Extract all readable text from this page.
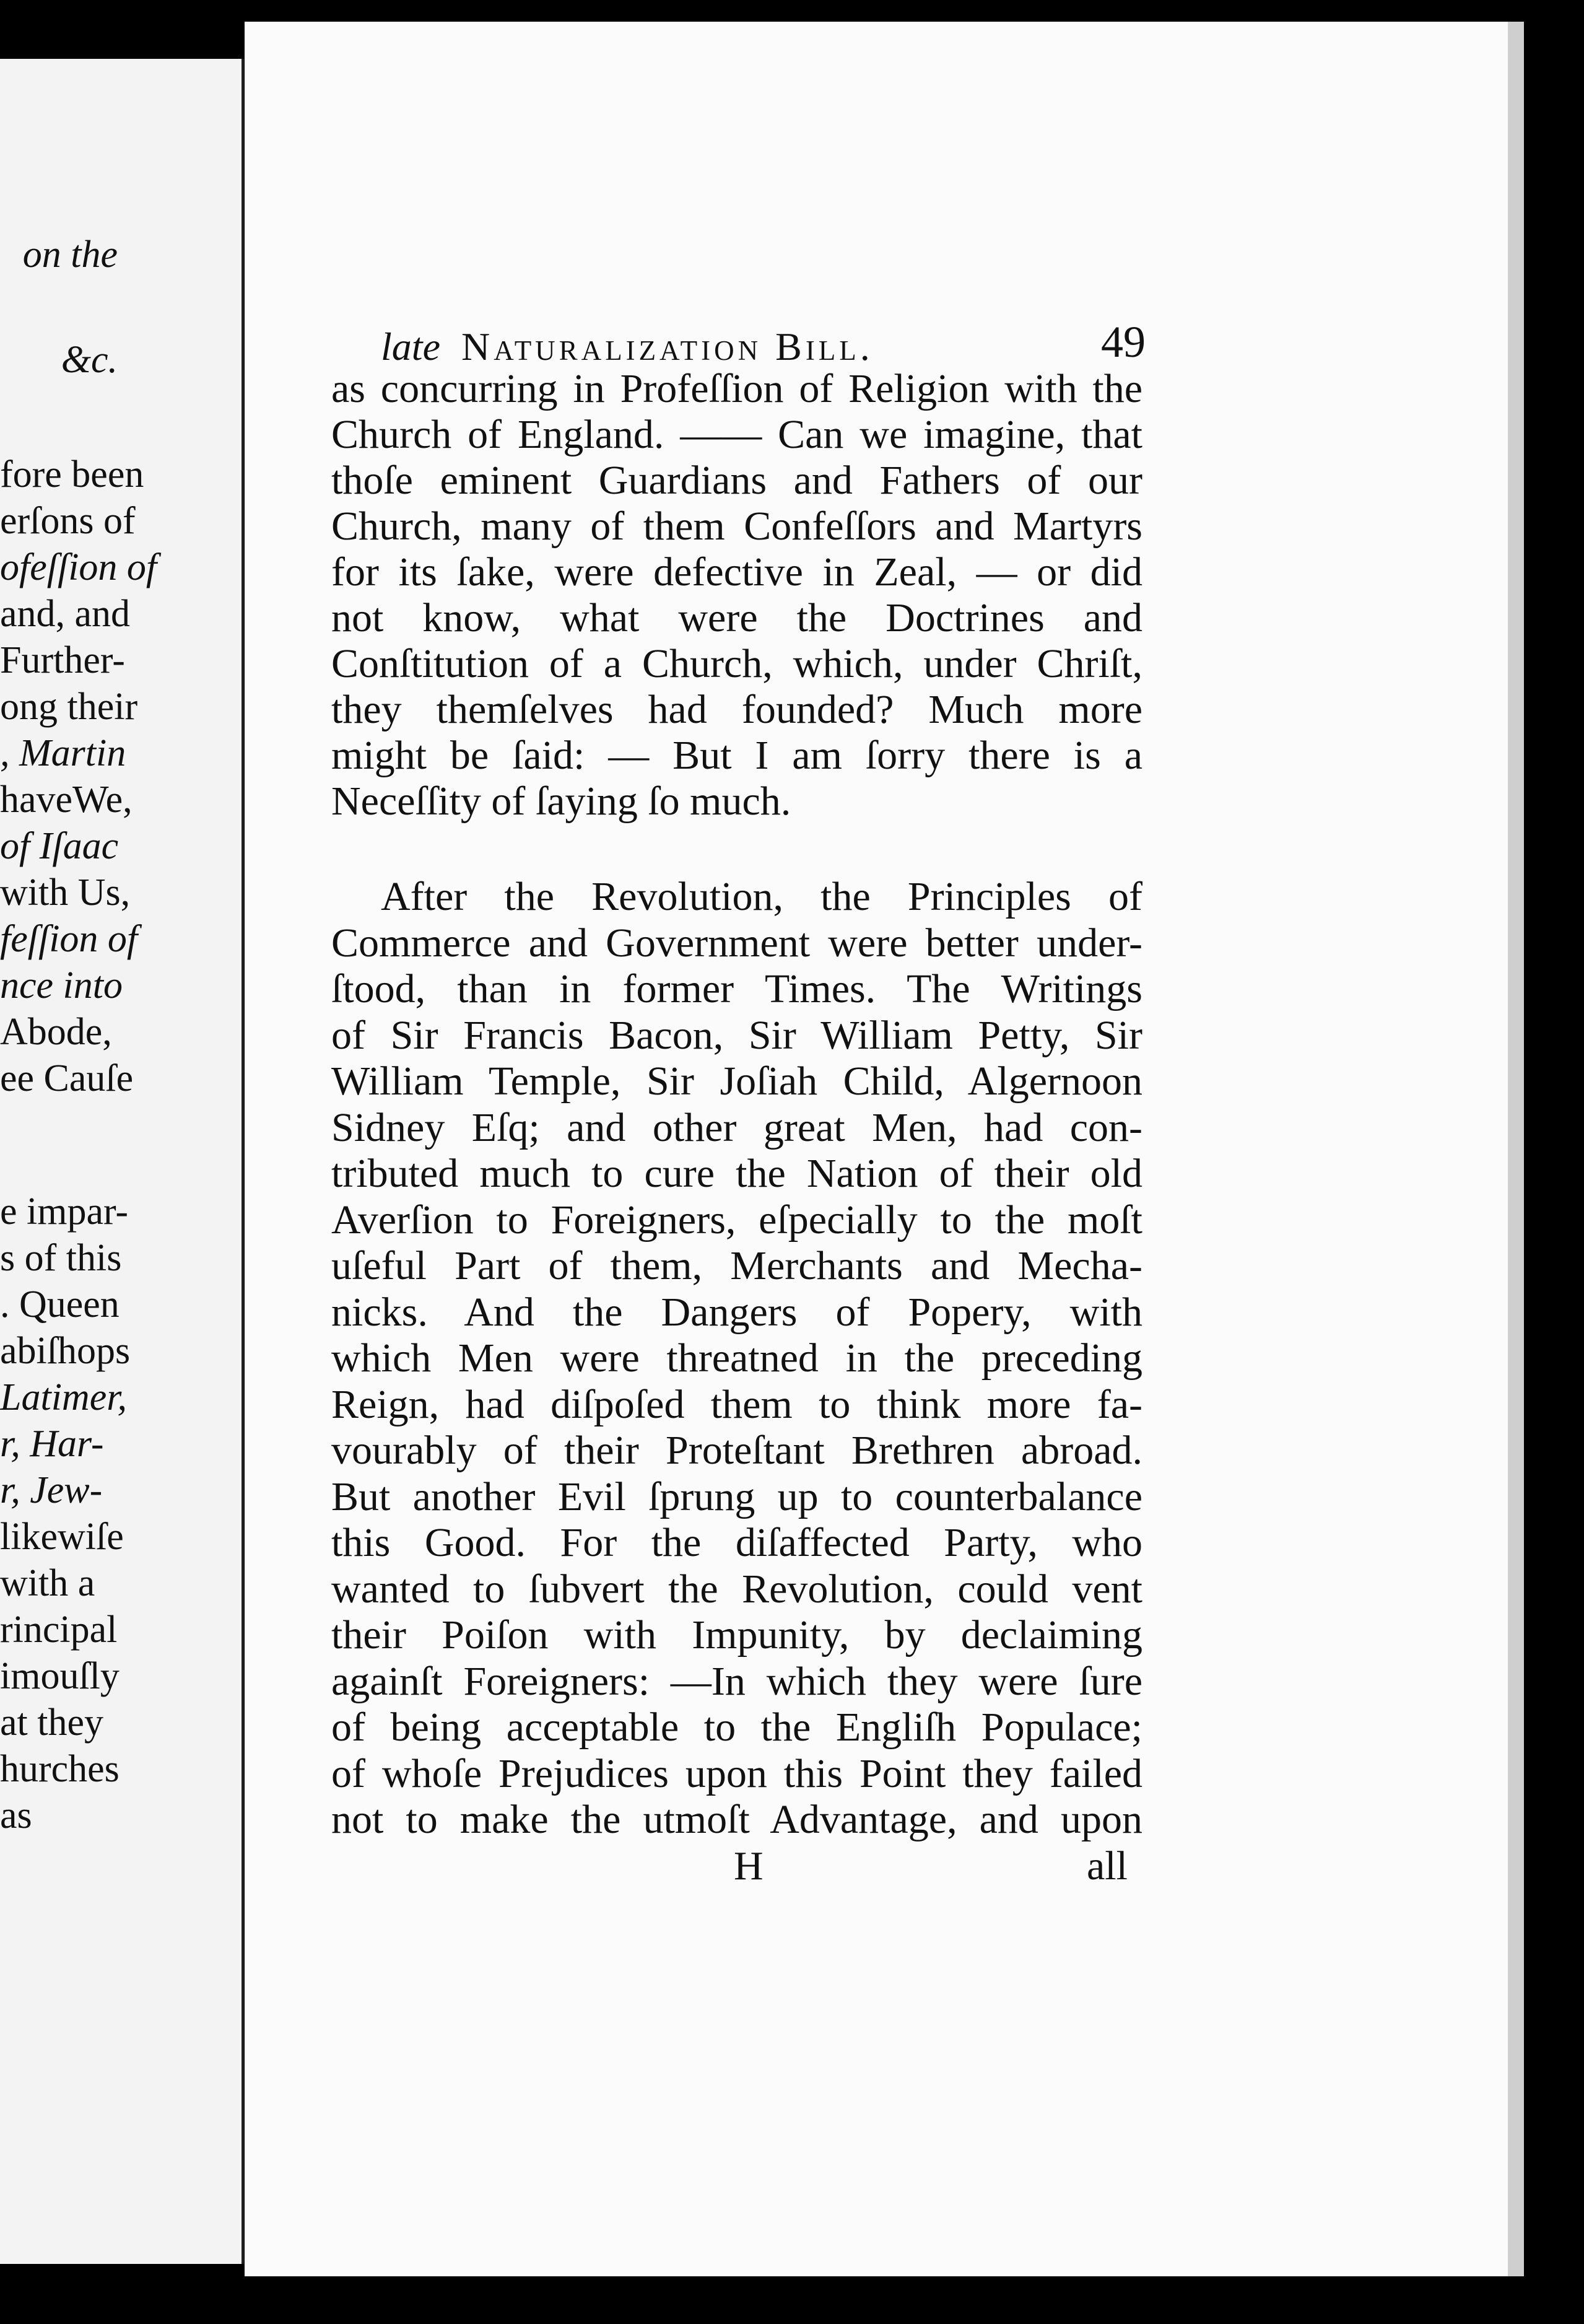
on the
&c.
fore been
erſons of
ofeſſion of
and, and
Further-
ong their
, Martin
haveWe,
of Iſaac
with Us,
feſſion of
nce into
Abode,
ee Cauſe
e impar-
s of this
. Queen
abiſhops
Latimer,
r, Har-
r, Jew-
likewiſe
with a
rincipal
imouſly
at they
hurches
as
late Naturalization Bill.	49
as concurring in Profeſſion of Religion with the
Church of England. —— Can we imagine, that
thoſe eminent Guardians and Fathers of our
Church, many of them Confeſſors and Martyrs
for its ſake, were defective in Zeal, — or did
not know, what were the Doctrines and
Conſtitution of a Church, which, under Chriſt,
they themſelves had founded? Much more
might be ſaid: — But I am ſorry there is a
Neceſſity of ſaying ſo much.
After the Revolution, the Principles of
Commerce and Government were better under-
ſtood, than in former Times. The Writings
of Sir Francis Bacon, Sir William Petty, Sir
William Temple, Sir Joſiah Child, Algernoon
Sidney Eſq; and other great Men, had con-
tributed much to cure the Nation of their old
Averſion to Foreigners, eſpecially to the moſt
uſeful Part of them, Merchants and Mecha-
nicks. And the Dangers of Popery, with
which Men were threatned in the preceding
Reign, had diſpoſed them to think more fa-
vourably of their Proteſtant Brethren abroad.
But another Evil ſprung up to counterbalance
this Good. For the diſaffected Party, who
wanted to ſubvert the Revolution, could vent
their Poiſon with Impunity, by declaiming
againſt Foreigners: —In which they were ſure
of being acceptable to the Engliſh Populace;
of whoſe Prejudices upon this Point they failed
not to make the utmoſt Advantage, and upon
H	all
